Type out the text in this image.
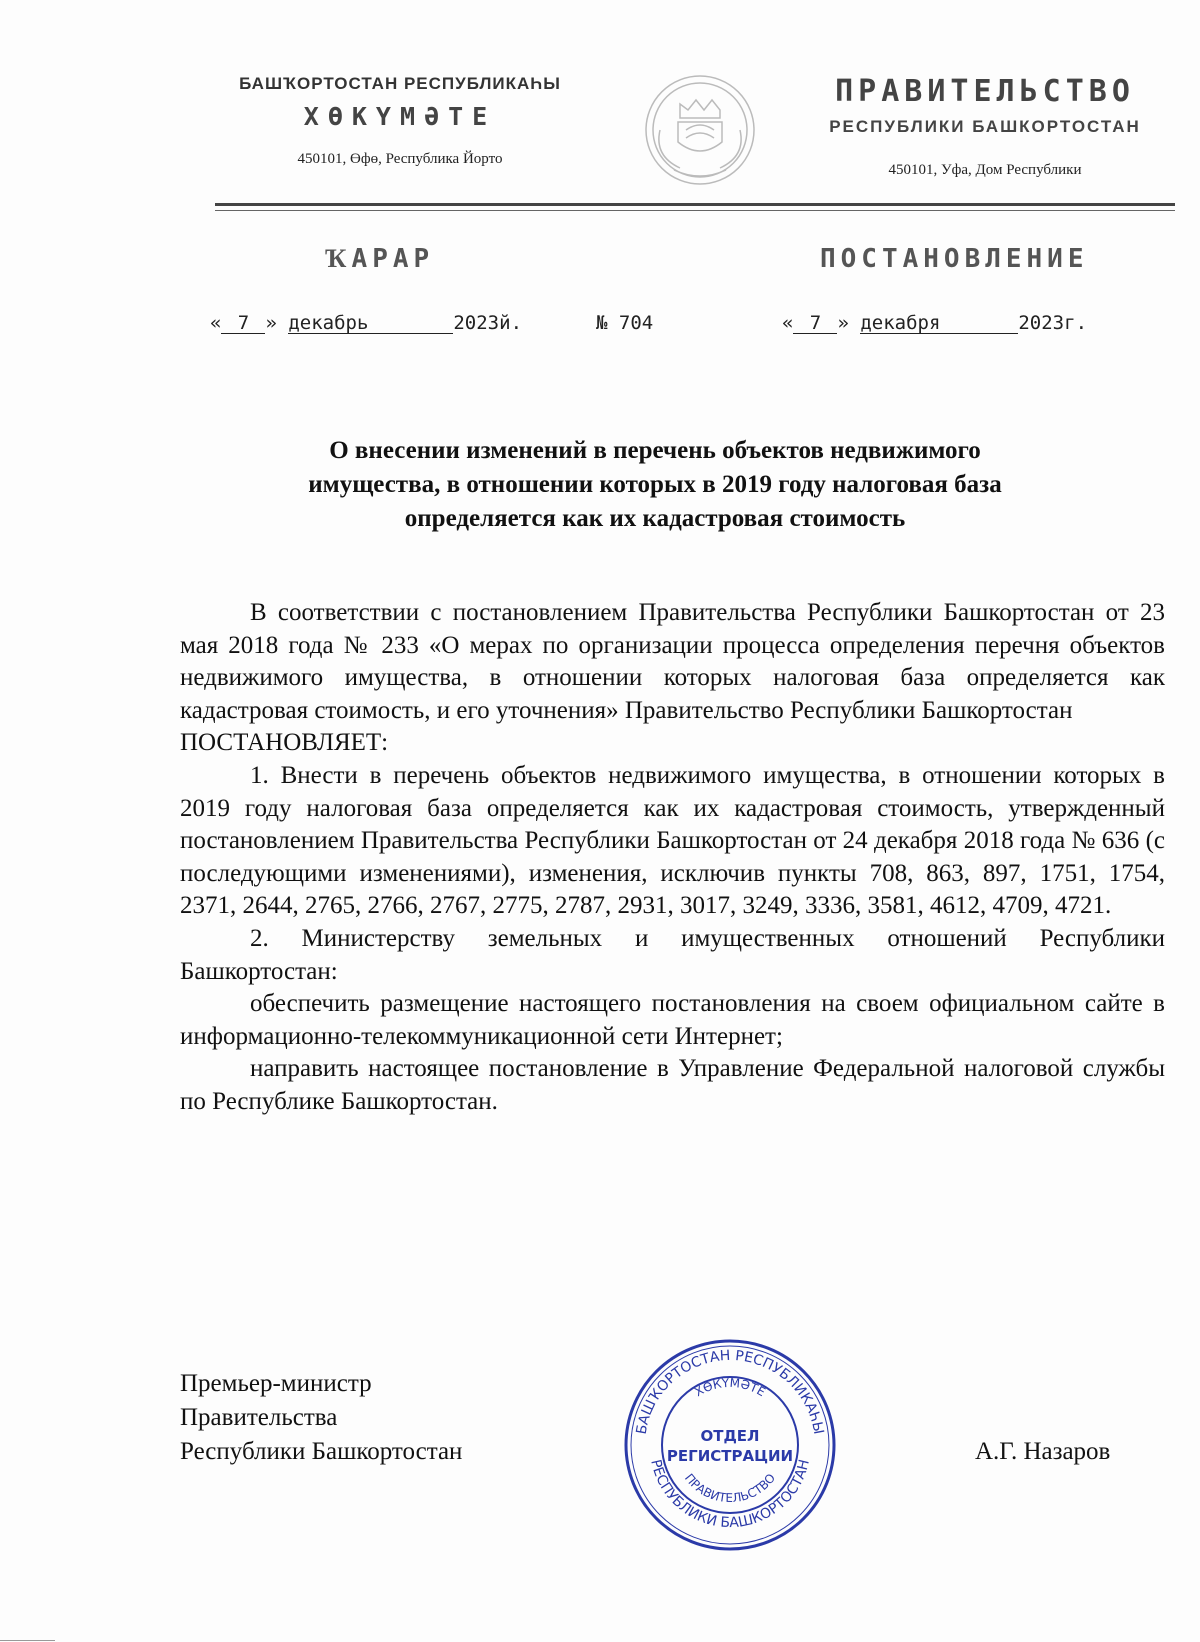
БАШҠОРТОСТАН РЕСПУБЛИКАҺЫ
ХӨКҮМӘТЕ
450101, Өфө, Республика Йорто
ПРАВИТЕЛЬСТВО
РЕСПУБЛИКИ БАШКОРТОСТАН
450101, Уфа, Дом Республики
ҠАРАР	ПОСТАНОВЛЕНИЕ
« 7 » декабрь	2023й.	№ 704	« 7 » декабря	2023г.
О внесении изменений в перечень объектов недвижимого
имущества, в отношении которых в 2019 году налоговая база
определяется как их кадастровая стоимость

В соответствии с постановлением Правительства Республики Башкортостан от 23 мая 2018 года № 233 «О мерах по организации процесса определения перечня объектов недвижимого имущества, в отношении которых налоговая база определяется как кадастровая стоимость, и его уточнения» Правительство Республики Башкортостан

ПОСТАНОВЛЯЕТ:

1. Внести в перечень объектов недвижимого имущества, в отношении которых в 2019 году налоговая база определяется как их кадастровая стоимость, утвержденный постановлением Правительства Республики Башкортостан от 24 декабря 2018 года № 636 (с последующими изменениями), изменения, исключив пункты 708, 863, 897, 1751, 1754, 2371, 2644, 2765, 2766, 2767, 2775, 2787, 2931, 3017, 3249, 3336, 3581, 4612, 4709, 4721.

2. Министерству земельных и имущественных отношений Республики Башкортостан:

обеспечить размещение настоящего постановления на своем официальном сайте в информационно-телекоммуникационной сети Интернет;

направить настоящее постановление в Управление Федеральной налоговой службы по Республике Башкортостан.

Премьер-министр
Правительства
Республики Башкортостан
БАШҠОРТОСТАН РЕСПУБЛИКАҺЫ
ХӨКҮМӘТЕ
ПРАВИТЕЛЬСТВО
РЕСПУБЛИКИ БАШКОРТОСТАН
ОТДЕЛ
РЕГИСТРАЦИИ	А.Г. Назаров
